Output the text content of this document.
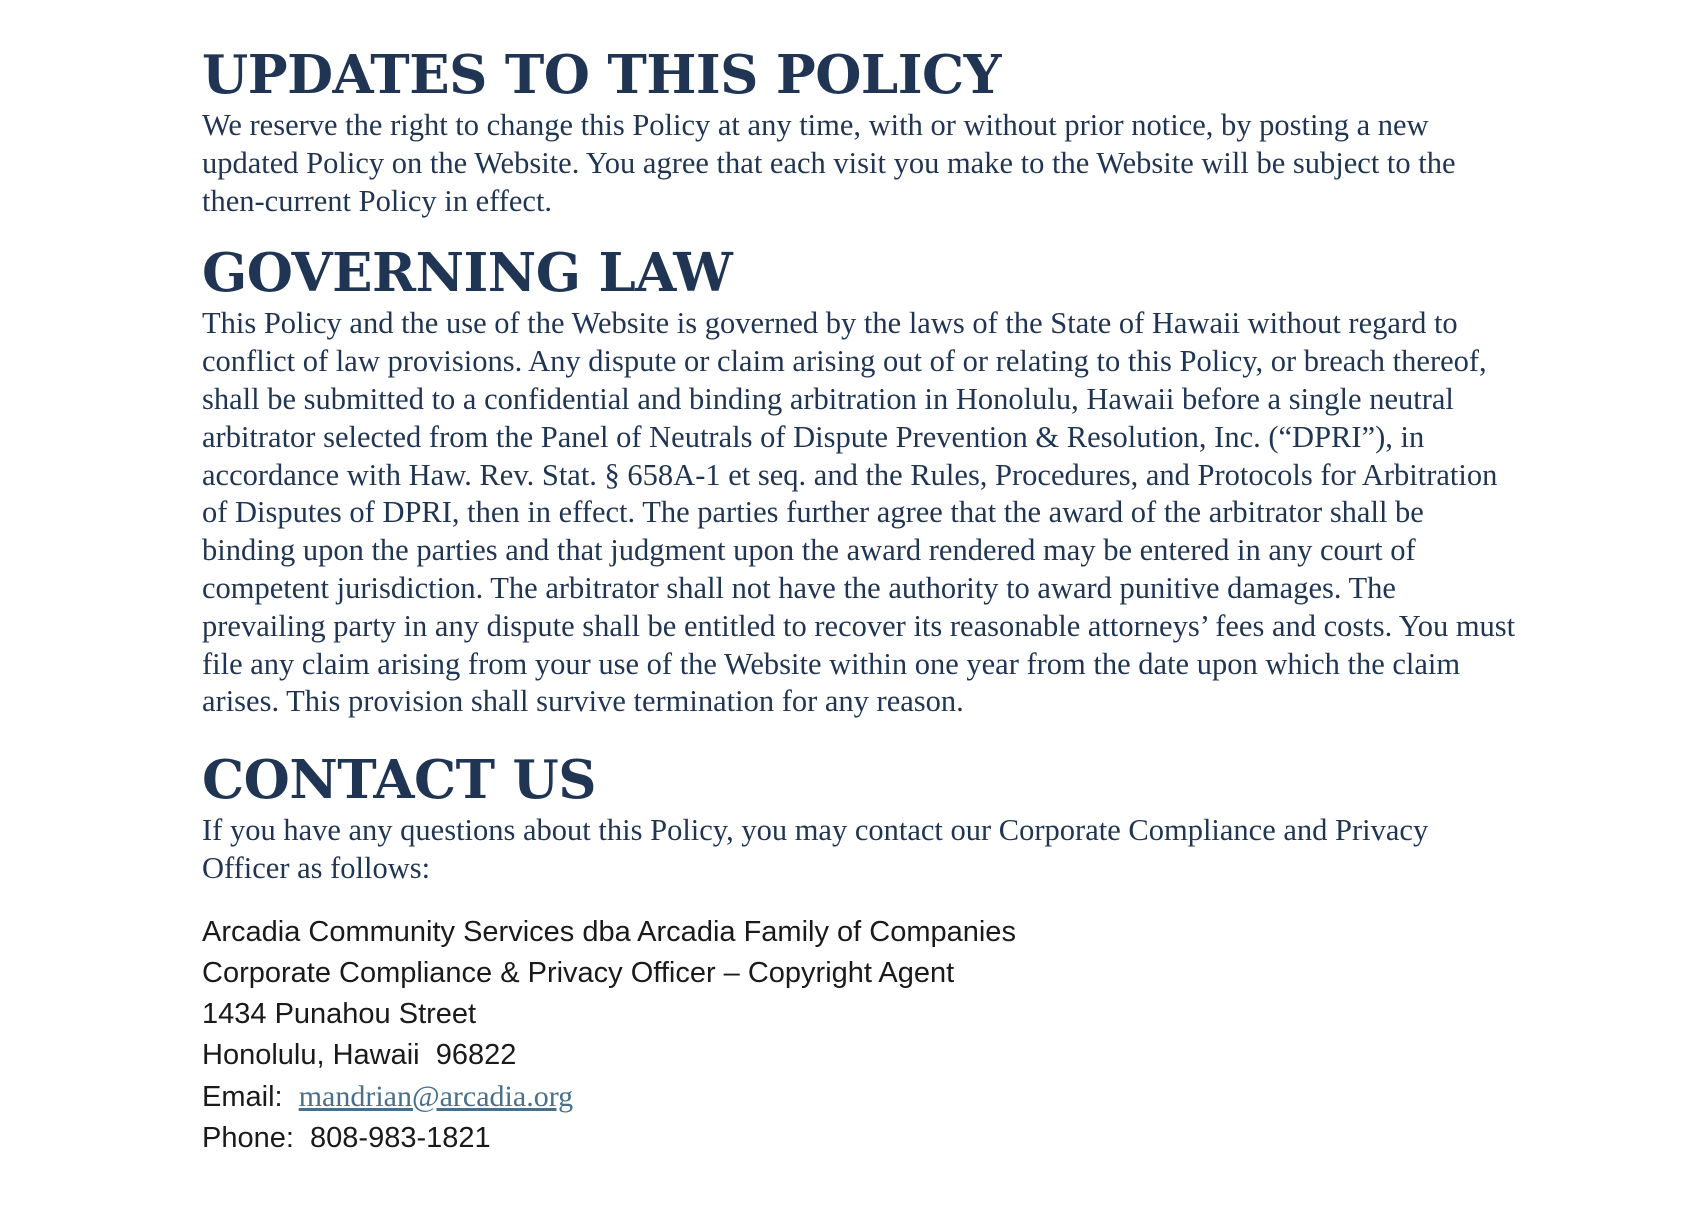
UPDATES TO THIS POLICY

We reserve the right to change this Policy at any time, with or without prior notice, by posting a new updated Policy on the Website. You agree that each visit you make to the Website will be subject to the then-current Policy in effect.

GOVERNING LAW

This Policy and the use of the Website is governed by the laws of the State of Hawaii without regard to conflict of law provisions. Any dispute or claim arising out of or relating to this Policy, or breach thereof, shall be submitted to a confidential and binding arbitration in Honolulu, Hawaii before a single neutral arbitrator selected from the Panel of Neutrals of Dispute Prevention & Resolution, Inc. (“DPRI”), in accordance with Haw. Rev. Stat. § 658A-1 et seq. and the Rules, Procedures, and Protocols for Arbitration of Disputes of DPRI, then in effect. The parties further agree that the award of the arbitrator shall be binding upon the parties and that judgment upon the award rendered may be entered in any court of competent jurisdiction. The arbitrator shall not have the authority to award punitive damages. The prevailing party in any dispute shall be entitled to recover its reasonable attorneys’ fees and costs. You must file any claim arising from your use of the Website within one year from the date upon which the claim arises. This provision shall survive termination for any reason.

CONTACT US

If you have any questions about this Policy, you may contact our Corporate Compliance and Privacy Officer as follows:

Arcadia Community Services dba Arcadia Family of Companies
Corporate Compliance & Privacy Officer – Copyright Agent
1434 Punahou Street
Honolulu, Hawaii  96822
Email:  mandrian@arcadia.org
Phone:  808-983-1821
